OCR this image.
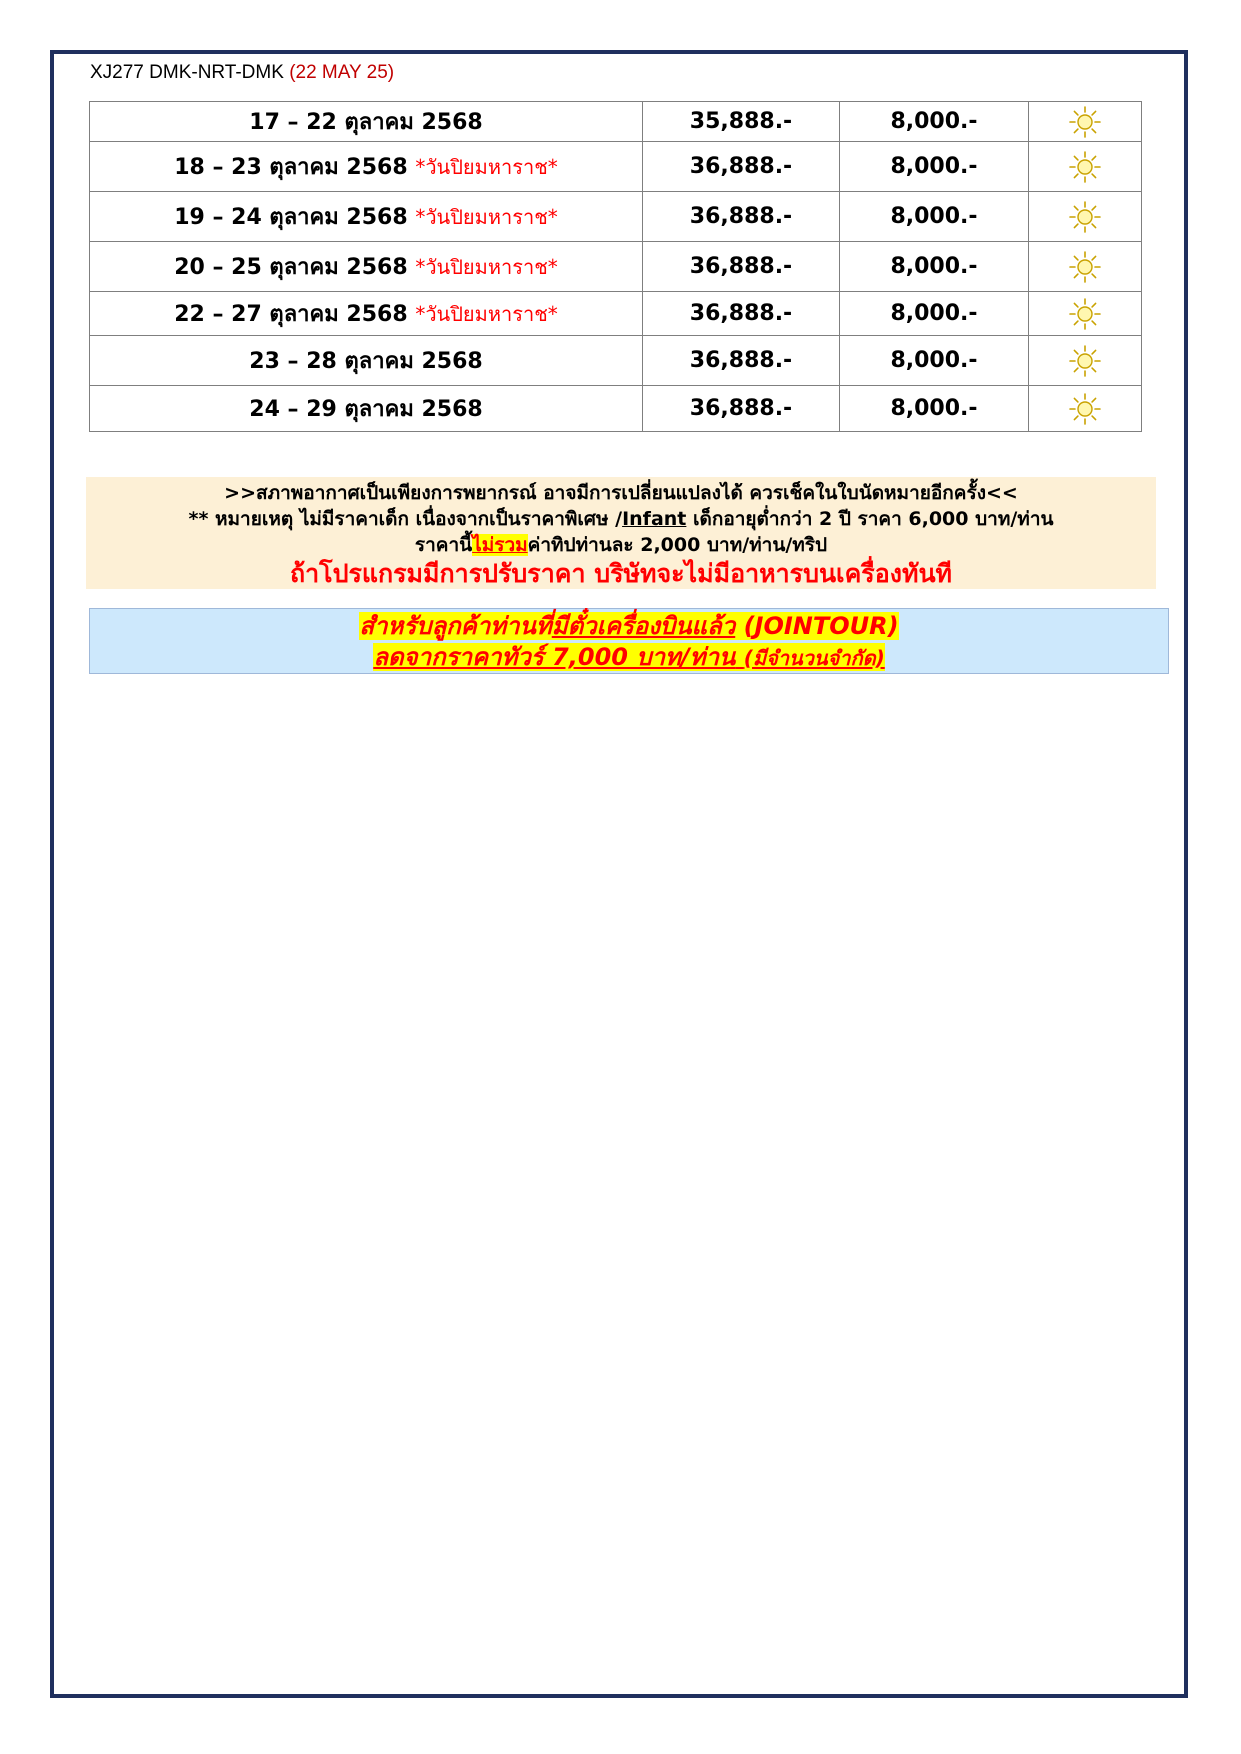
XJ277 DMK-NRT-DMK (22 MAY 25)
17 – 22 ตุลาคม 2568	35,888.-	8,000.-	
18 – 23 ตุลาคม 2568 *วันปิยมหาราช*	36,888.-	8,000.-	
19 – 24 ตุลาคม 2568 *วันปิยมหาราช*	36,888.-	8,000.-	
20 – 25 ตุลาคม 2568 *วันปิยมหาราช*	36,888.-	8,000.-	
22 – 27 ตุลาคม 2568 *วันปิยมหาราช*	36,888.-	8,000.-	
23 – 28 ตุลาคม 2568	36,888.-	8,000.-	
24 – 29 ตุลาคม 2568	36,888.-	8,000.-	
>>สภาพอากาศเป็นเพียงการพยากรณ์ อาจมีการเปลี่ยนแปลงได้ ควรเช็คในใบนัดหมายอีกครั้ง<<
** หมายเหตุ ไม่มีราคาเด็ก เนื่องจากเป็นราคาพิเศษ /Infant เด็กอายุต่ำกว่า 2 ปี ราคา 6,000 บาท/ท่าน
ราคานี้ไม่รวมค่าทิปท่านละ 2,000 บาท/ท่าน/ทริป
ถ้าโปรแกรมมีการปรับราคา บริษัทจะไม่มีอาหารบนเครื่องทันที
สำหรับลูกค้าท่านที่มีตั๋วเครื่องบินแล้ว (JOINTOUR)
ลดจากราคาทัวร์ 7,000 บาท/ท่าน (มีจำนวนจำกัด)
